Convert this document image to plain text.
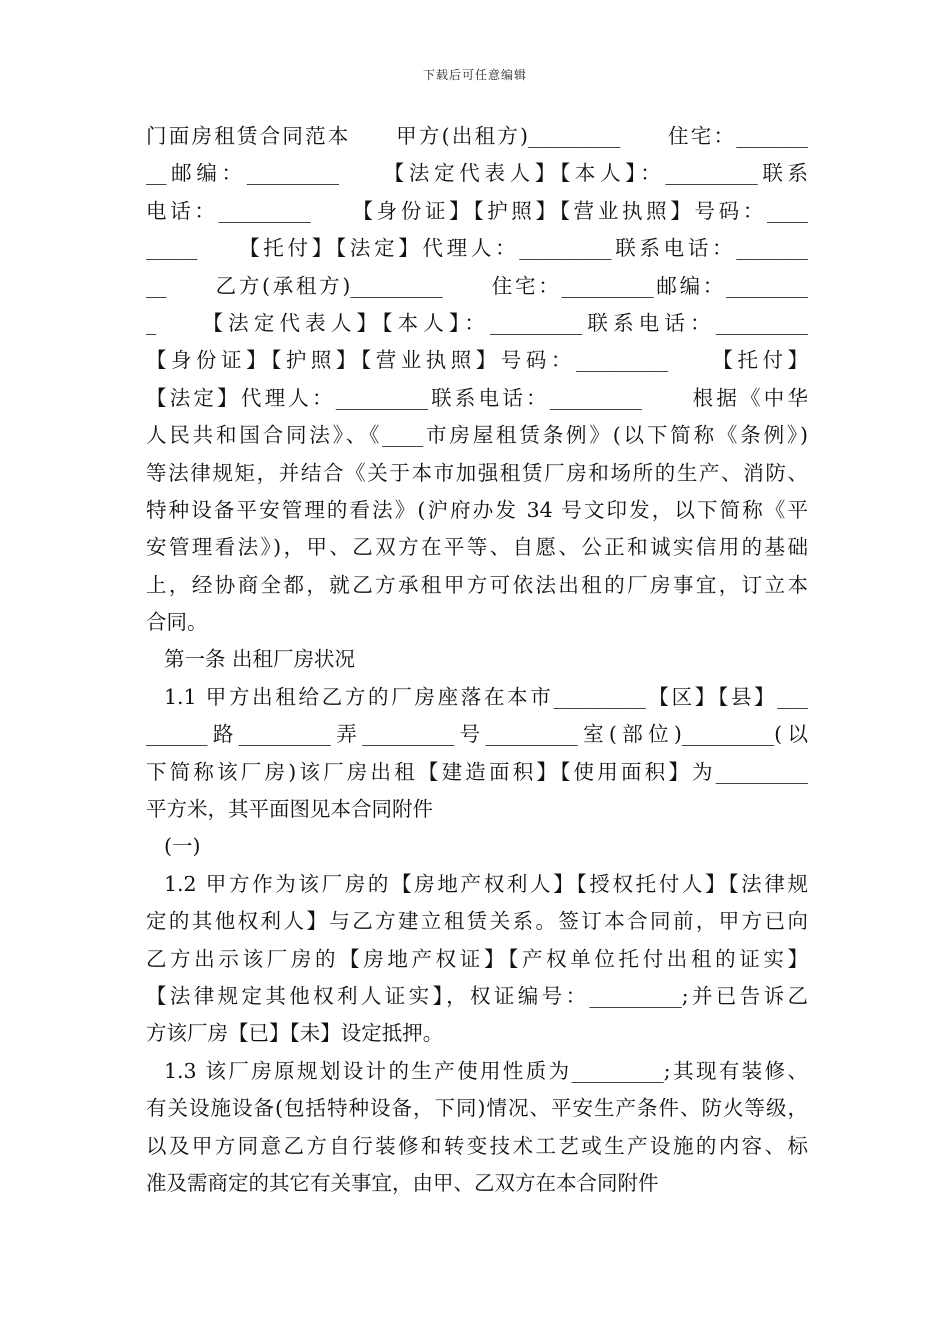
下载后可任意编辑
门面房租赁合同范本　　甲方(出租方)_________　　住宅：_______
__邮编：_________　　【法定代表人】【本人】：_________联系
电话：_________　　【身份证】【护照】【营业执照】号码：____
_____　　【托付】【法定】代理人：_________联系电话：_______
__　　乙方(承租方)_________　　住宅：_________邮编：________
_　　【法定代表人】【本人】：_________联系电话：_________
【身份证】【护照】【营业执照】号码：_________　　【托付】
【法定】代理人：_________联系电话：_________　　根据《中华
人民共和国合同法》、《____市房屋租赁条例》(以下简称《条例》)
等法律规矩，并结合《关于本市加强租赁厂房和场所的生产、消防、
特种设备平安管理的看法》(沪府办发 34 号文印发，以下简称《平
安管理看法》)，甲、乙双方在平等、自愿、公正和诚实信用的基础
上，经协商全都，就乙方承租甲方可依法出租的厂房事宜，订立本
合同。
第一条 出租厂房状况
1.1 甲方出租给乙方的厂房座落在本市_________【区】【县】___
______路_________弄_________号_________室(部位)_________(以
下简称该厂房)该厂房出租【建造面积】【使用面积】为_________
平方米，其平面图见本合同附件
(一)
1.2 甲方作为该厂房的【房地产权利人】【授权托付人】【法律规
定的其他权利人】与乙方建立租赁关系。签订本合同前，甲方已向
乙方出示该厂房的【房地产权证】【产权单位托付出租的证实】
【法律规定其他权利人证实】，权证编号：_________;并已告诉乙
方该厂房【已】【未】设定抵押。
1.3 该厂房原规划设计的生产使用性质为_________;其现有装修、
有关设施设备(包括特种设备，下同)情况、平安生产条件、防火等级，
以及甲方同意乙方自行装修和转变技术工艺或生产设施的内容、标
准及需商定的其它有关事宜，由甲、乙双方在本合同附件
